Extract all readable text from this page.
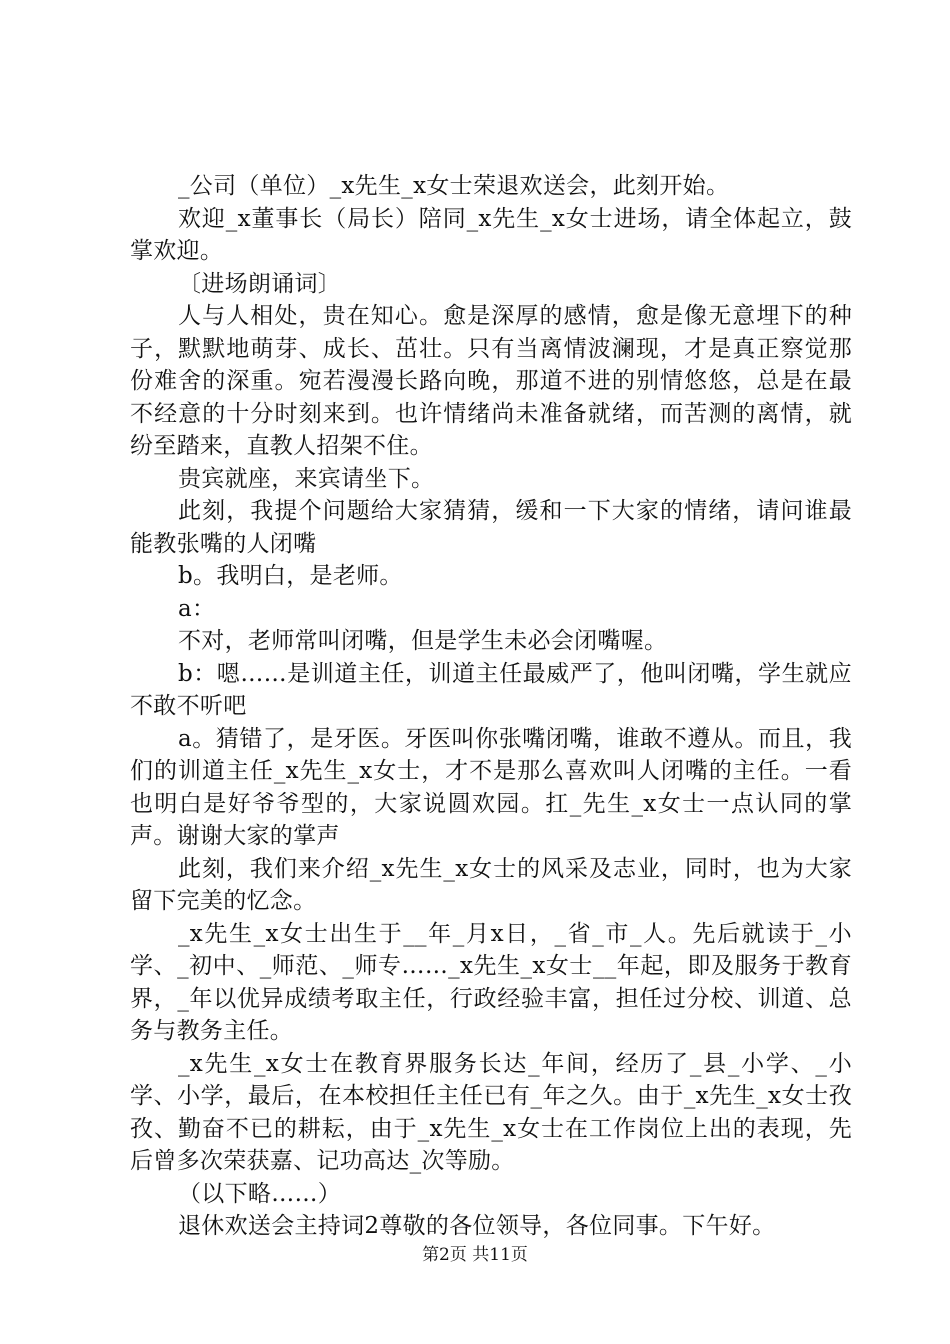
_公司（单位）_x先生_x女士荣退欢送会，此刻开始。

欢迎_x董事长（局长）陪同_x先生_x女士进场，请全体起立，鼓掌欢迎。

〔进场朗诵词〕

人与人相处，贵在知心。愈是深厚的感情，愈是像无意埋下的种子，默默地萌芽、成长、茁壮。只有当离情波澜现，才是真正察觉那份难舍的深重。宛若漫漫长路向晚，那道不进的别情悠悠，总是在最不经意的十分时刻来到。也许情绪尚未准备就绪，而苦测的离情，就纷至踏来，直教人招架不住。

贵宾就座，来宾请坐下。

此刻，我提个问题给大家猜猜，缓和一下大家的情绪，请问谁最能教张嘴的人闭嘴

b。我明白，是老师。

a：

不对，老师常叫闭嘴，但是学生未必会闭嘴喔。

b：嗯……是训道主任，训道主任最威严了，他叫闭嘴，学生就应不敢不听吧

a。猜错了，是牙医。牙医叫你张嘴闭嘴，谁敢不遵从。而且，我们的训道主任_x先生_x女士，才不是那么喜欢叫人闭嘴的主任。一看也明白是好爷爷型的，大家说圆欢园。扛_先生_x女士一点认同的掌声。谢谢大家的掌声

此刻，我们来介绍_x先生_x女士的风采及志业，同时，也为大家留下完美的忆念。

_x先生_x女士出生于__年_月x日，_省_市_人。先后就读于_小学、_初中、_师范、_师专……_x先生_x女士__年起，即及服务于教育界，_年以优异成绩考取主任，行政经验丰富，担任过分校、训道、总务与教务主任。

_x先生_x女士在教育界服务长达_年间，经历了_县_小学、_小学、小学，最后，在本校担任主任已有_年之久。由于_x先生_x女士孜孜、勤奋不已的耕耘，由于_x先生_x女士在工作岗位上出的表现，先后曾多次荣获嘉、记功高达_次等励。

（以下略……）

退休欢送会主持词2尊敬的各位领导，各位同事。下午好。

第2页 共11页
